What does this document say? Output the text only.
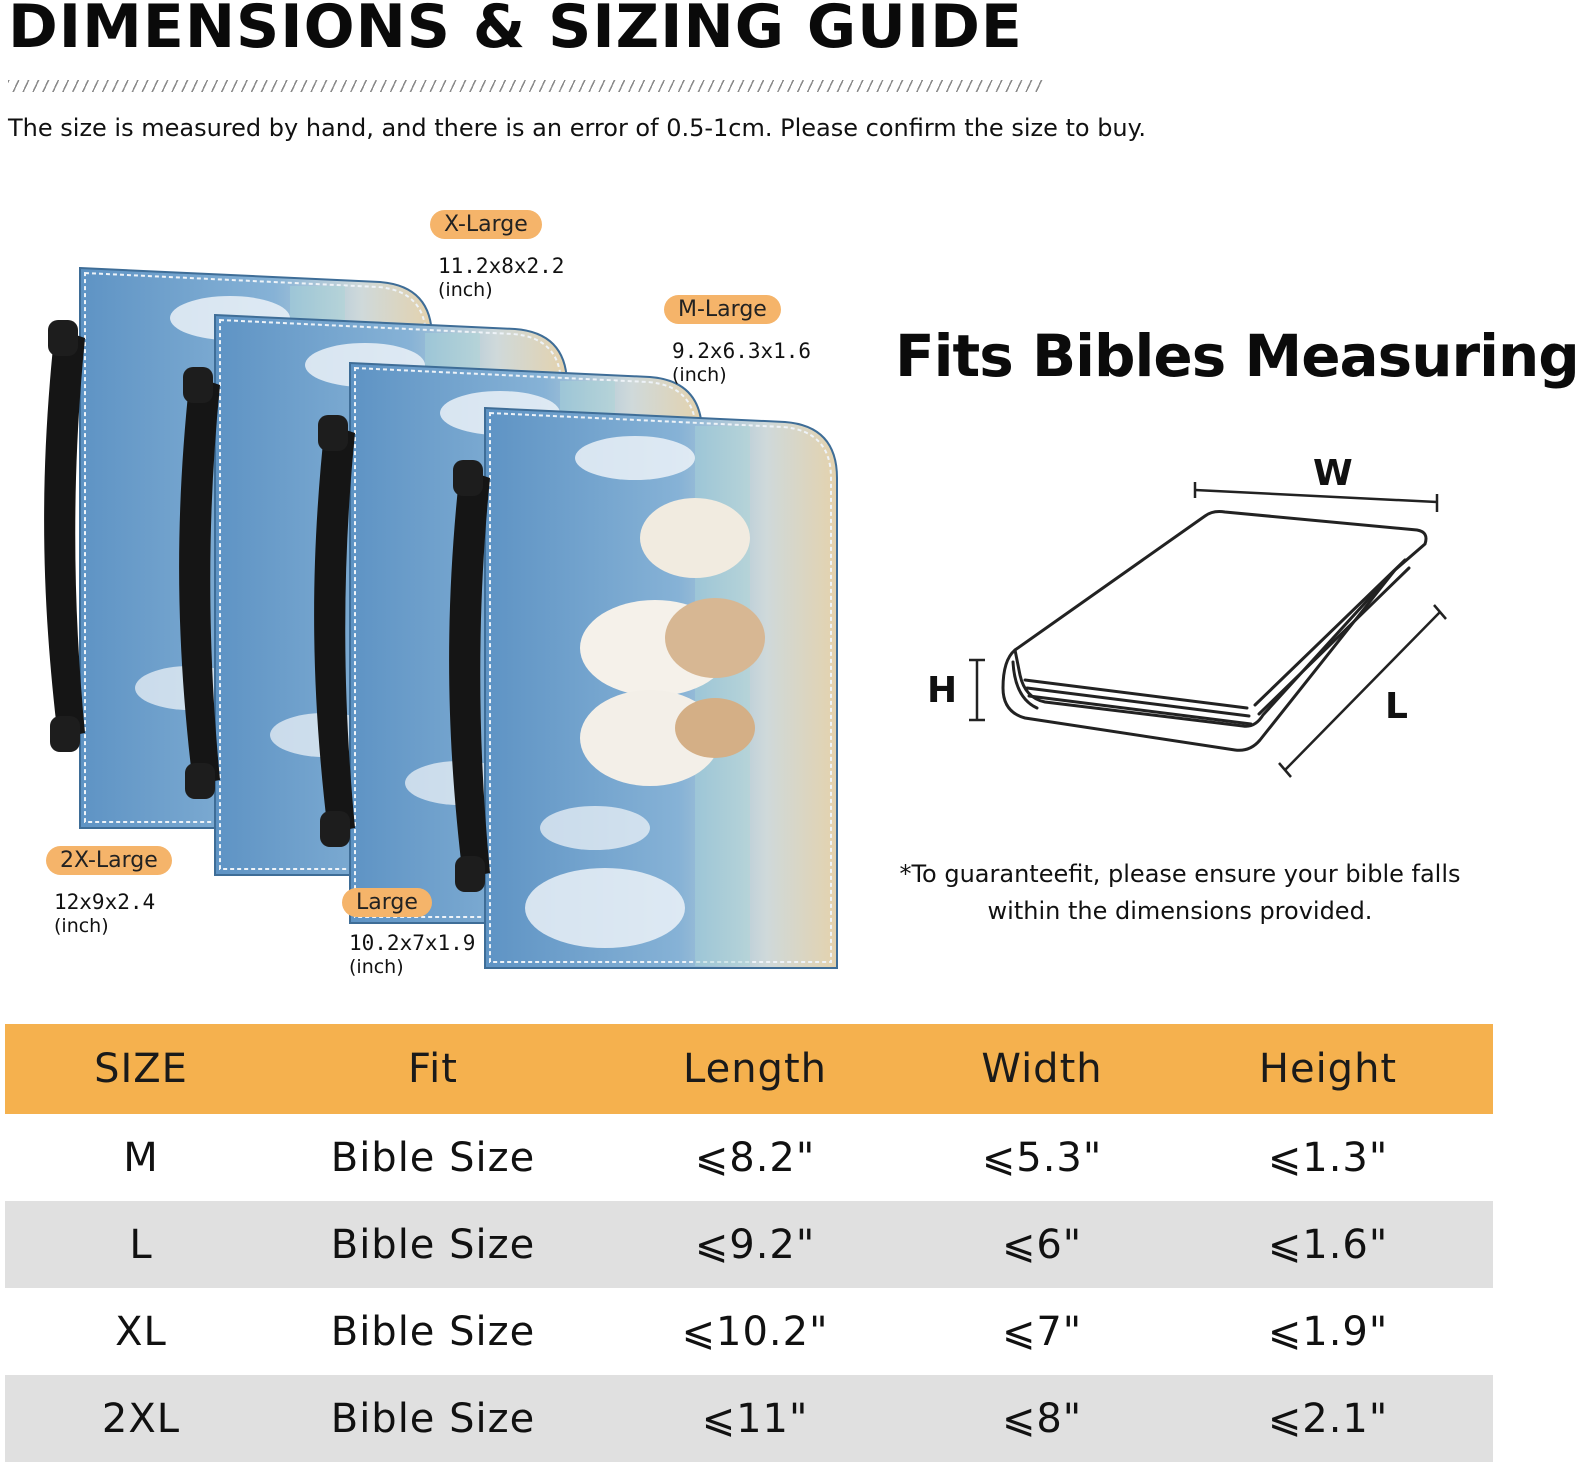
DIMENSIONS & SIZING GUIDE
The size is measured by hand, and there is an error of 0.5-1cm. Please confirm the size to buy.
X-Large
11.2x8x2.2
(inch)
M-Large
9.2x6.3x1.6
(inch)
2X-Large
12x9x2.4
(inch)
Large
10.2x7x1.9
(inch)
Fits Bibles Measuring
W
H	L
*To guaranteefit, please ensure your bible falls
within the dimensions provided.
SIZE	Fit	Length	Width	Height
M	Bible Size	⩽8.2"	⩽5.3"	⩽1.3"
L	Bible Size	⩽9.2"	⩽6"	⩽1.6"
XL	Bible Size	⩽10.2"	⩽7"	⩽1.9"
2XL	Bible Size	⩽11"	⩽8"	⩽2.1"
